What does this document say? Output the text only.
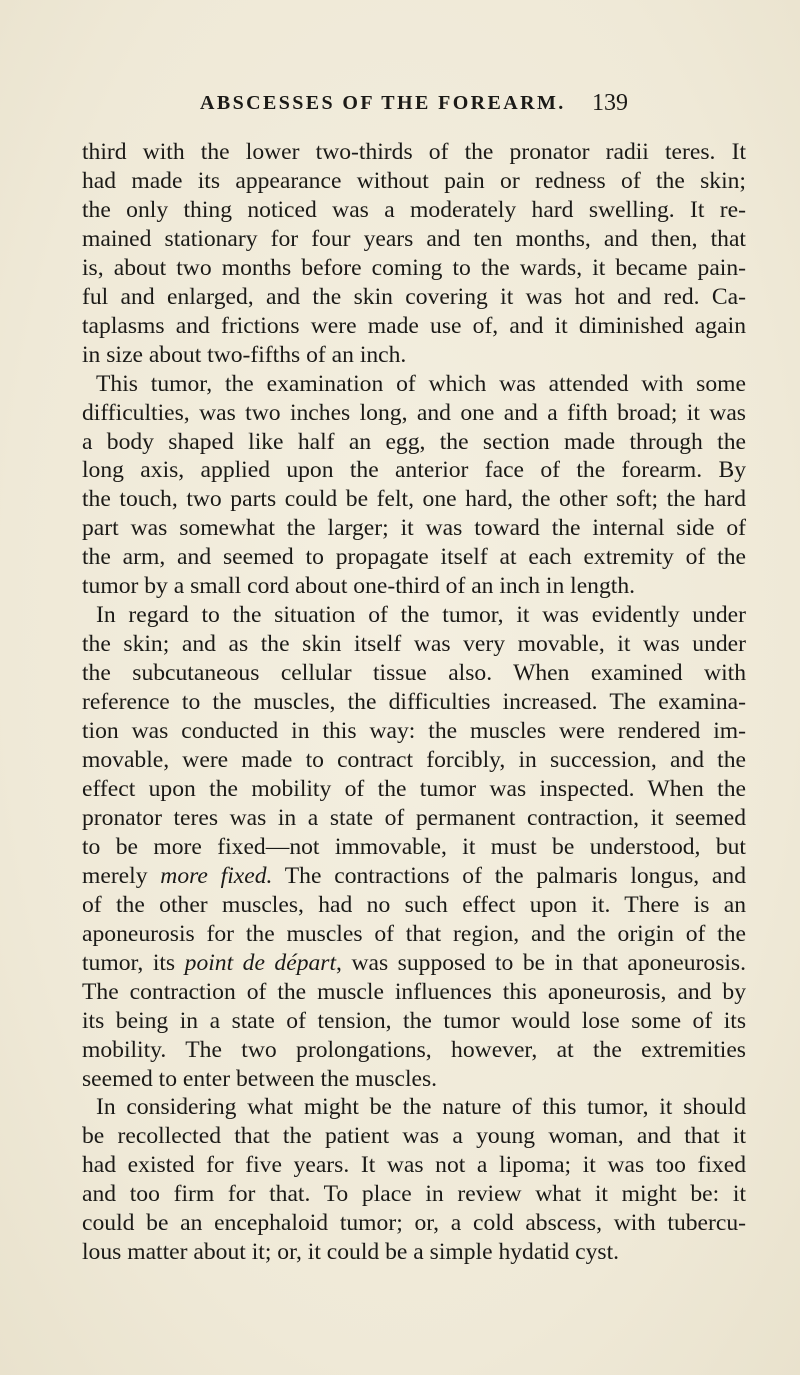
ABSCESSES OF THE FOREARM. 139
third with the lower two-thirds of the pronator radii teres. It
had made its appearance without pain or redness of the skin;
the only thing noticed was a moderately hard swelling. It re-
mained stationary for four years and ten months, and then, that
is, about two months before coming to the wards, it became pain-
ful and enlarged, and the skin covering it was hot and red. Ca-
taplasms and frictions were made use of, and it diminished again
in size about two-fifths of an inch.
This tumor, the examination of which was attended with some
difficulties, was two inches long, and one and a fifth broad; it was
a body shaped like half an egg, the section made through the
long axis, applied upon the anterior face of the forearm. By
the touch, two parts could be felt, one hard, the other soft; the hard
part was somewhat the larger; it was toward the internal side of
the arm, and seemed to propagate itself at each extremity of the
tumor by a small cord about one-third of an inch in length.
In regard to the situation of the tumor, it was evidently under
the skin; and as the skin itself was very movable, it was under
the subcutaneous cellular tissue also. When examined with
reference to the muscles, the difficulties increased. The examina-
tion was conducted in this way: the muscles were rendered im-
movable, were made to contract forcibly, in succession, and the
effect upon the mobility of the tumor was inspected. When the
pronator teres was in a state of permanent contraction, it seemed
to be more fixed—not immovable, it must be understood, but
merely more fixed. The contractions of the palmaris longus, and
of the other muscles, had no such effect upon it. There is an
aponeurosis for the muscles of that region, and the origin of the
tumor, its point de départ, was supposed to be in that aponeurosis.
The contraction of the muscle influences this aponeurosis, and by
its being in a state of tension, the tumor would lose some of its
mobility. The two prolongations, however, at the extremities
seemed to enter between the muscles.
In considering what might be the nature of this tumor, it should
be recollected that the patient was a young woman, and that it
had existed for five years. It was not a lipoma; it was too fixed
and too firm for that. To place in review what it might be: it
could be an encephaloid tumor; or, a cold abscess, with tubercu-
lous matter about it; or, it could be a simple hydatid cyst.
